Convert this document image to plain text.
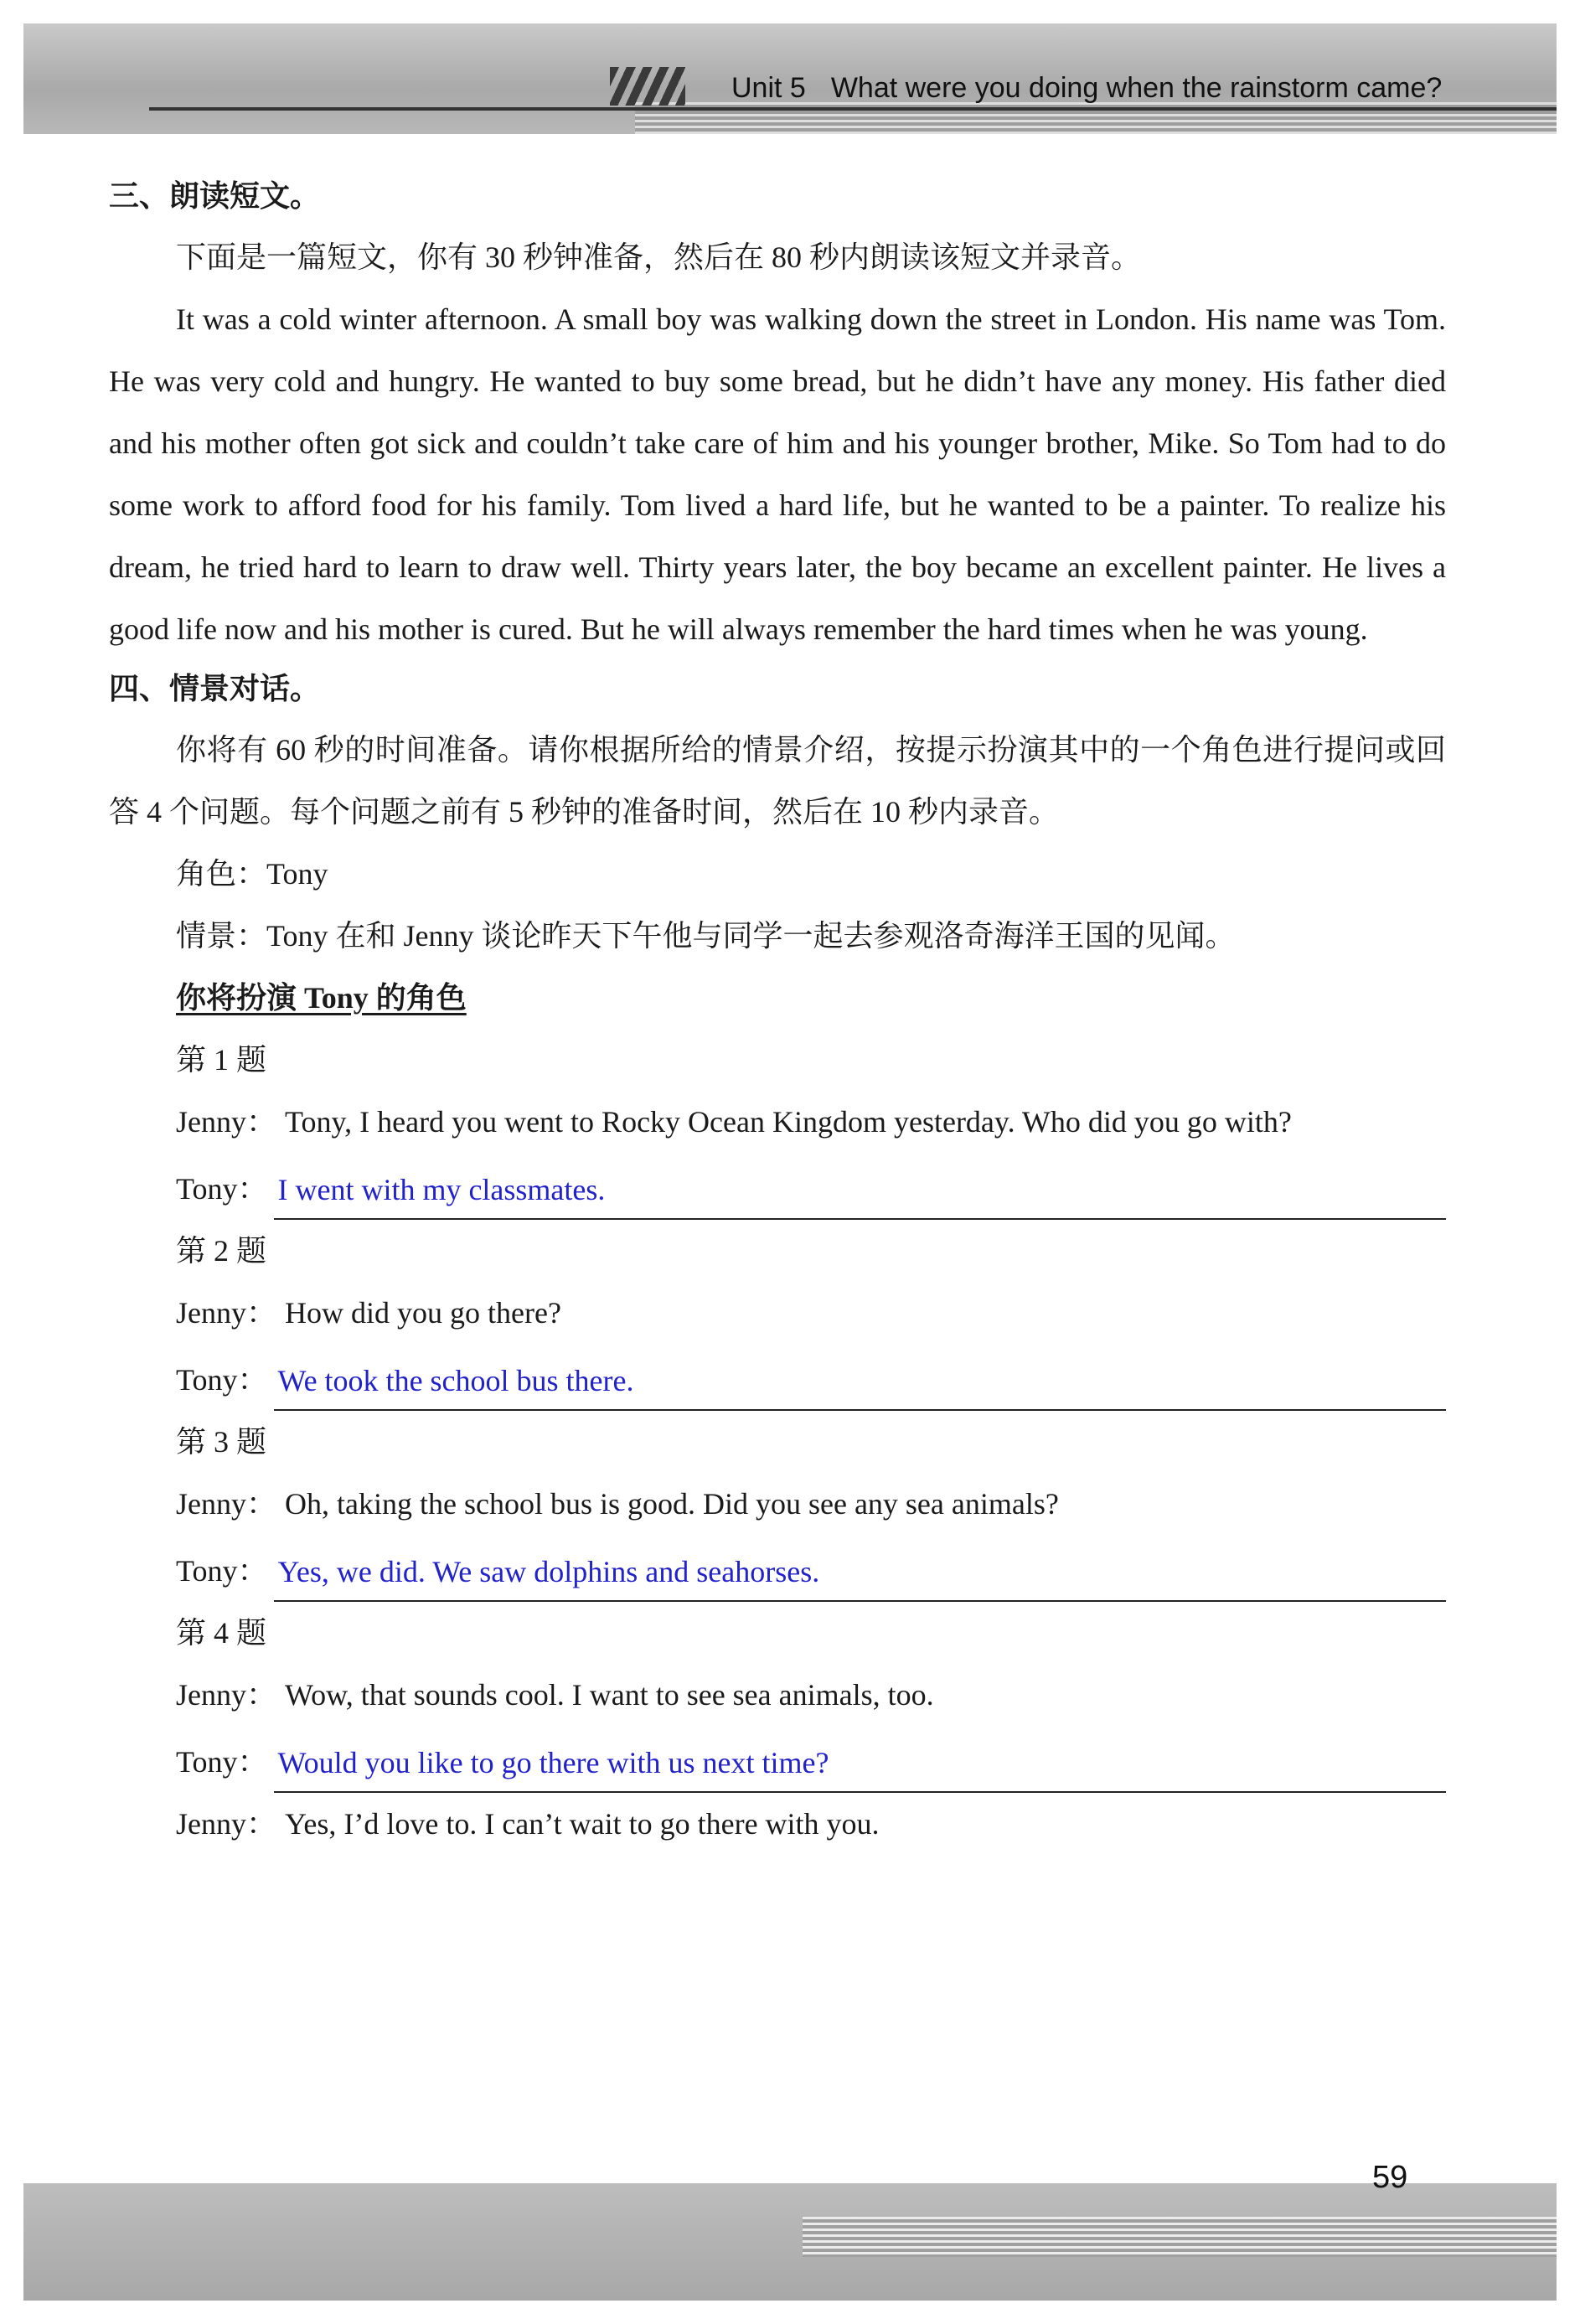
Unit 5 What were you doing when the rainstorm came?
59
三、朗读短文。
下面是一篇短文，你有 30 秒钟准备，然后在 80 秒内朗读该短文并录音。
It was a cold winter afternoon. A small boy was walking down the street in London. His name was Tom. He was very cold and hungry. He wanted to buy some bread, but he didn’t have any money. His father died and his mother often got sick and couldn’t take care of him and his younger brother, Mike. So Tom had to do some work to afford food for his family. Tom lived a hard life, but he wanted to be a painter. To realize his dream, he tried hard to learn to draw well. Thirty years later, the boy became an excellent painter. He lives a good life now and his mother is cured. But he will always remember the hard times when he was young.
四、情景对话。
你将有 60 秒的时间准备。请你根据所给的情景介绍，按提示扮演其中的一个角色进行提问或回答 4 个问题。每个问题之前有 5 秒钟的准备时间，然后在 10 秒内录音。
角色：Tony
情景：Tony 在和 Jenny 谈论昨天下午他与同学一起去参观洛奇海洋王国的见闻。
你将扮演 Tony 的角色
第 1 题
Jenny： Tony, I heard you went to Rocky Ocean Kingdom yesterday. Who did you go with?
Tony： I went with my classmates.
第 2 题
Jenny： How did you go there?
Tony： We took the school bus there.
第 3 题
Jenny： Oh, taking the school bus is good. Did you see any sea animals?
Tony： Yes, we did. We saw dolphins and seahorses.
第 4 题
Jenny： Wow, that sounds cool. I want to see sea animals, too.
Tony： Would you like to go there with us next time?
Jenny： Yes, I’d love to. I can’t wait to go there with you.
